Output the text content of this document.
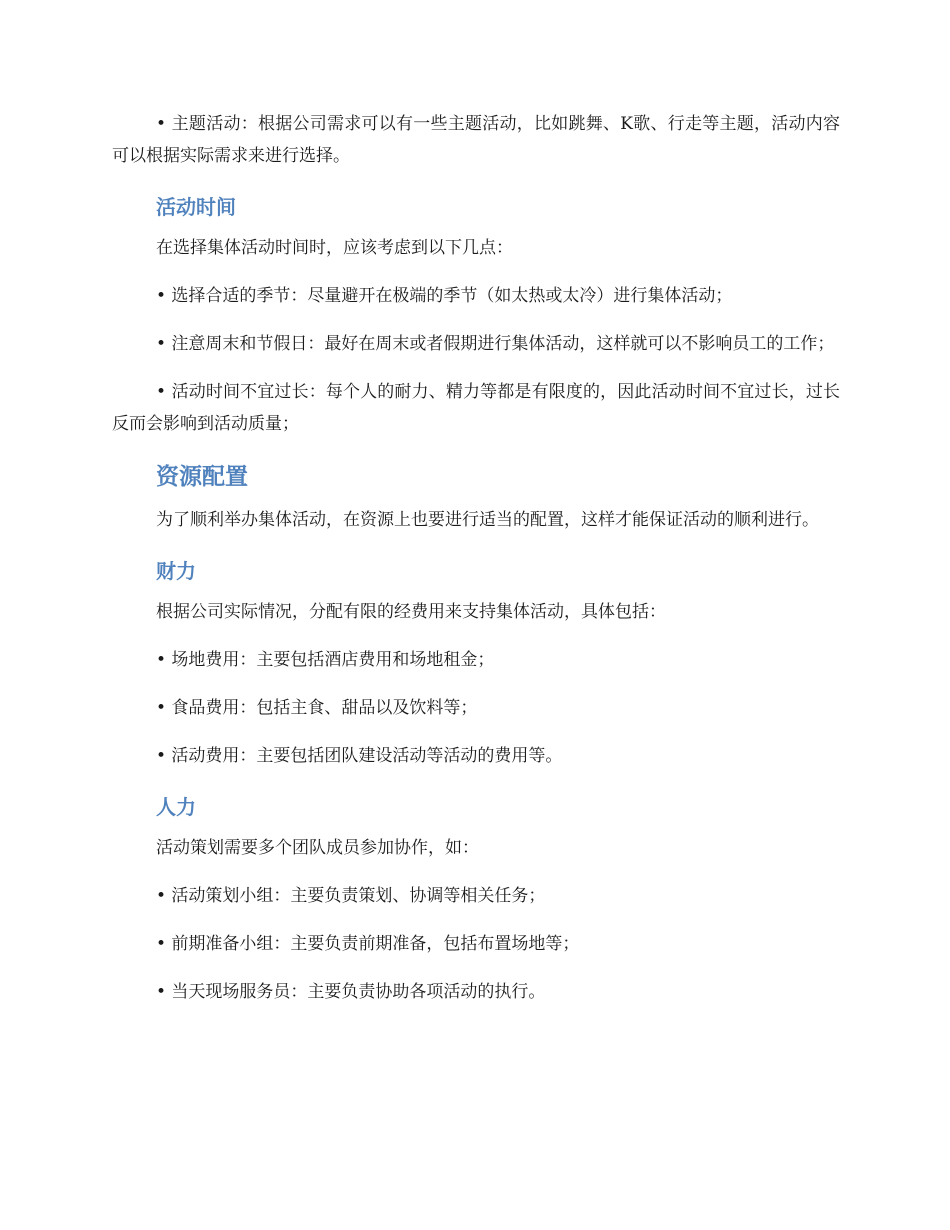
• 主题活动：根据公司需求可以有一些主题活动，比如跳舞、K歌、行走等主题，活动内容可以根据实际需求来进行选择。

活动时间

在选择集体活动时间时，应该考虑到以下几点：

• 选择合适的季节：尽量避开在极端的季节（如太热或太冷）进行集体活动；

• 注意周末和节假日：最好在周末或者假期进行集体活动，这样就可以不影响员工的工作；

• 活动时间不宜过长：每个人的耐力、精力等都是有限度的，因此活动时间不宜过长，过长反而会影响到活动质量；

资源配置

为了顺利举办集体活动，在资源上也要进行适当的配置，这样才能保证活动的顺利进行。

财力

根据公司实际情况，分配有限的经费用来支持集体活动，具体包括：

• 场地费用：主要包括酒店费用和场地租金；

• 食品费用：包括主食、甜品以及饮料等；

• 活动费用：主要包括团队建设活动等活动的费用等。

人力

活动策划需要多个团队成员参加协作，如：

• 活动策划小组：主要负责策划、协调等相关任务；

• 前期准备小组：主要负责前期准备，包括布置场地等；

• 当天现场服务员：主要负责协助各项活动的执行。
